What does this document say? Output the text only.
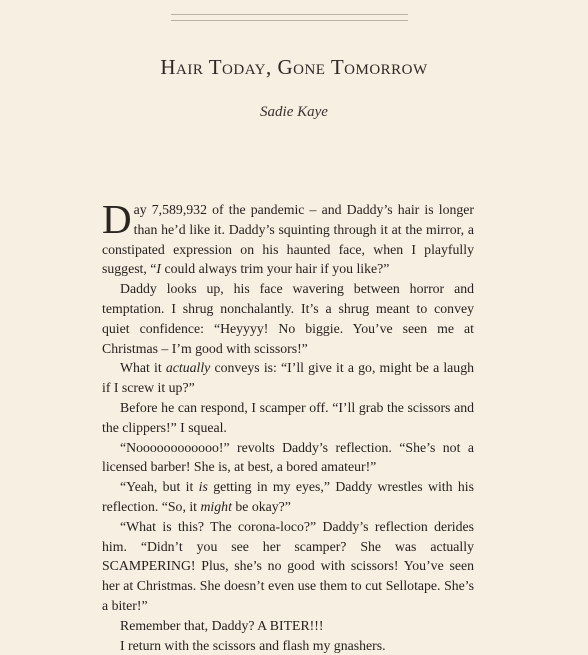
Hair Today, Gone Tomorrow
Sadie Kaye

Day 7,589,932 of the pandemic – and Daddy’s hair is longer than he’d like it. Daddy’s squinting through it at the mirror, a constipated expression on his haunted face, when I playfully suggest, “I could always trim your hair if you like?”

Daddy looks up, his face wavering between horror and temptation. I shrug nonchalantly. It’s a shrug meant to convey quiet confidence: “Heyyyy! No biggie. You’ve seen me at Christmas – I’m good with scissors!”

What it actually conveys is: “I’ll give it a go, might be a laugh if I screw it up?”

Before he can respond, I scamper off. “I’ll grab the scissors and the clippers!” I squeal.

“Noooooooooooo!” revolts Daddy’s reflection. “She’s not a licensed barber! She is, at best, a bored amateur!”

“Yeah, but it is getting in my eyes,” Daddy wrestles with his reflection. “So, it might be okay?”

“What is this? The corona-loco?” Daddy’s reflection derides him. “Didn’t you see her scamper? She was actually SCAMPERING! Plus, she’s no good with scissors! You’ve seen her at Christmas. She doesn’t even use them to cut Sellotape. She’s a biter!”

Remember that, Daddy? A BITER!!!

I return with the scissors and flash my gnashers.
